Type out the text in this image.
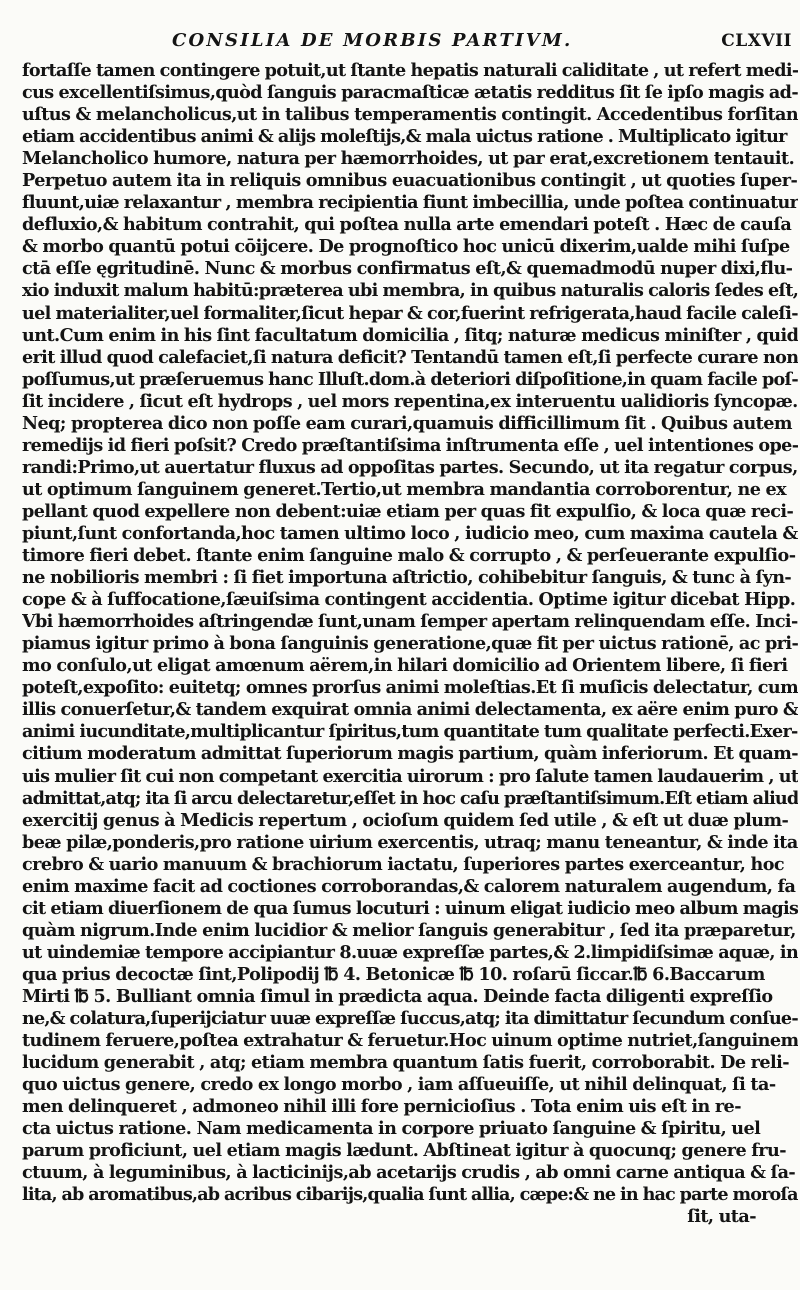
CONSILIA DE MORBIS PARTIVM.	CLXVII
fortaſſe tamen contingere potuit,ut ſtante hepatis naturali caliditate , ut refert medi-
cus excellentiſsimus,quòd ſanguis paracmaſticæ ætatis redditus ſit ſe ipſo magis ad-
uſtus & melancholicus,ut in talibus temperamentis contingit. Accedentibus forſitan
etiam accidentibus animi & alijs moleſtijs,& mala uictus ratione . Multiplicato igitur
Melancholico humore, natura per hæmorrhoides, ut par erat,excretionem tentauit.
Perpetuo autem ita in reliquis omnibus euacuationibus contingit , ut quoties ſuper-
fluunt,uiæ relaxantur , membra recipientia fiunt imbecillia, unde poſtea continuatur
defluxio,& habitum contrahit, qui poſtea nulla arte emendari poteſt . Hæc de cauſa
& morbo quantū potui cōijcere. De prognoſtico hoc unicū dixerim,ualde mihi ſuſpe
ctā eſſe ęgritudinē. Nunc & morbus confirmatus eſt,& quemadmodū nuper dixi,flu-
xio induxit malum habitū:præterea ubi membra, in quibus naturalis caloris ſedes eſt,
uel materialiter,uel formaliter,ſicut hepar & cor,fuerint refrigerata,haud facile caleſi-
unt.Cum enim in his ſint facultatum domicilia , ſitq; naturæ medicus miniſter , quid
erit illud quod calefaciet,ſi natura deficit? Tentandū tamen eſt,ſi perfecte curare non
poſſumus,ut præſeruemus hanc Illuſt.dom.à deteriori diſpoſitione,in quam facile poſ-
ſit incidere , ſicut eſt hydrops , uel mors repentina,ex interuentu ualidioris ſyncopæ.
Neq; propterea dico non poſſe eam curari,quamuis difficillimum ſit . Quibus autem
remedijs id fieri poſsit? Credo præſtantiſsima inſtrumenta eſſe , uel intentiones ope-
randi:Primo,ut auertatur fluxus ad oppoſitas partes. Secundo, ut ita regatur corpus,
ut optimum ſanguinem generet.Tertio,ut membra mandantia corroborentur, ne ex
pellant quod expellere non debent:uiæ etiam per quas fit expulſio, & loca quæ reci-
piunt,ſunt confortanda,hoc tamen ultimo loco , iudicio meo, cum maxima cautela &
timore fieri debet. ſtante enim ſanguine malo & corrupto , & perſeuerante expulſio-
ne nobilioris membri : ſi fiet importuna aſtrictio, cohibebitur ſanguis, & tunc à ſyn-
cope & à ſuffocatione,ſæuiſsima contingent accidentia. Optime igitur dicebat Hipp.
Vbi hæmorrhoides aſtringendæ ſunt,unam ſemper apertam relinquendam eſſe. Inci-
piamus igitur primo à bona ſanguinis generatione,quæ fit per uictus rationē, ac pri-
mo conſulo,ut eligat amœnum aërem,in hilari domicilio ad Orientem libere, ſi fieri
poteſt,expoſito: euitetq; omnes prorſus animi moleſtias.Et ſi muſicis delectatur, cum
illis conuerſetur,& tandem exquirat omnia animi delectamenta, ex aëre enim puro &
animi iucunditate,multiplicantur ſpiritus,tum quantitate tum qualitate perfecti.Exer-
citium moderatum admittat ſuperiorum magis partium, quàm inferiorum. Et quam-
uis mulier ſit cui non competant exercitia uirorum : pro ſalute tamen laudauerim , ut
admittat,atq; ita ſi arcu delectaretur,eſſet in hoc caſu præſtantiſsimum.Eſt etiam aliud
exercitij genus à Medicis repertum , ocioſum quidem ſed utile , & eſt ut duæ plum-
beæ pilæ,ponderis,pro ratione uirium exercentis, utraq; manu teneantur, & inde ita
crebro & uario manuum & brachiorum iactatu, ſuperiores partes exerceantur, hoc
enim maxime facit ad coctiones corroborandas,& calorem naturalem augendum, fa
cit etiam diuerſionem de qua ſumus locuturi : uinum eligat iudicio meo album magis
quàm nigrum.Inde enim lucidior & melior ſanguis generabitur , ſed ita præparetur,
ut uindemiæ tempore accipiantur 8.uuæ expreſſæ partes,& 2.limpidiſsimæ aquæ, in
qua prius decoctæ ſint,Polipodij ℔ 4. Betonicæ ℔ 10. roſarū ſiccar.℔ 6.Baccarum
Mirti ℔ 5. Bulliant omnia ſimul in prædicta aqua. Deinde facta diligenti expreſſio
ne,& colatura,ſuperijciatur uuæ expreſſæ ſuccus,atq; ita dimittatur ſecundum conſue-
tudinem feruere,poſtea extrahatur & feruetur.Hoc uinum optime nutriet,ſanguinem
lucidum generabit , atq; etiam membra quantum ſatis fuerit, corroborabit. De reli-
quo uictus genere, credo ex longo morbo , iam aſſueuiſſe, ut nihil delinquat, ſi ta-
men delinqueret , admoneo nihil illi fore pernicioſius . Tota enim uis eſt in re-
cta uictus ratione. Nam medicamenta in corpore priuato ſanguine & ſpiritu, uel
parum proficiunt, uel etiam magis lædunt. Abſtineat igitur à quocunq; genere fru-
ctuum, à leguminibus, à lacticinijs,ab acetarijs crudis , ab omni carne antiqua & ſa-
lita, ab aromatibus,ab acribus cibarijs,qualia ſunt allia, cæpe:& ne in hac parte moroſa
ſit, uta-
